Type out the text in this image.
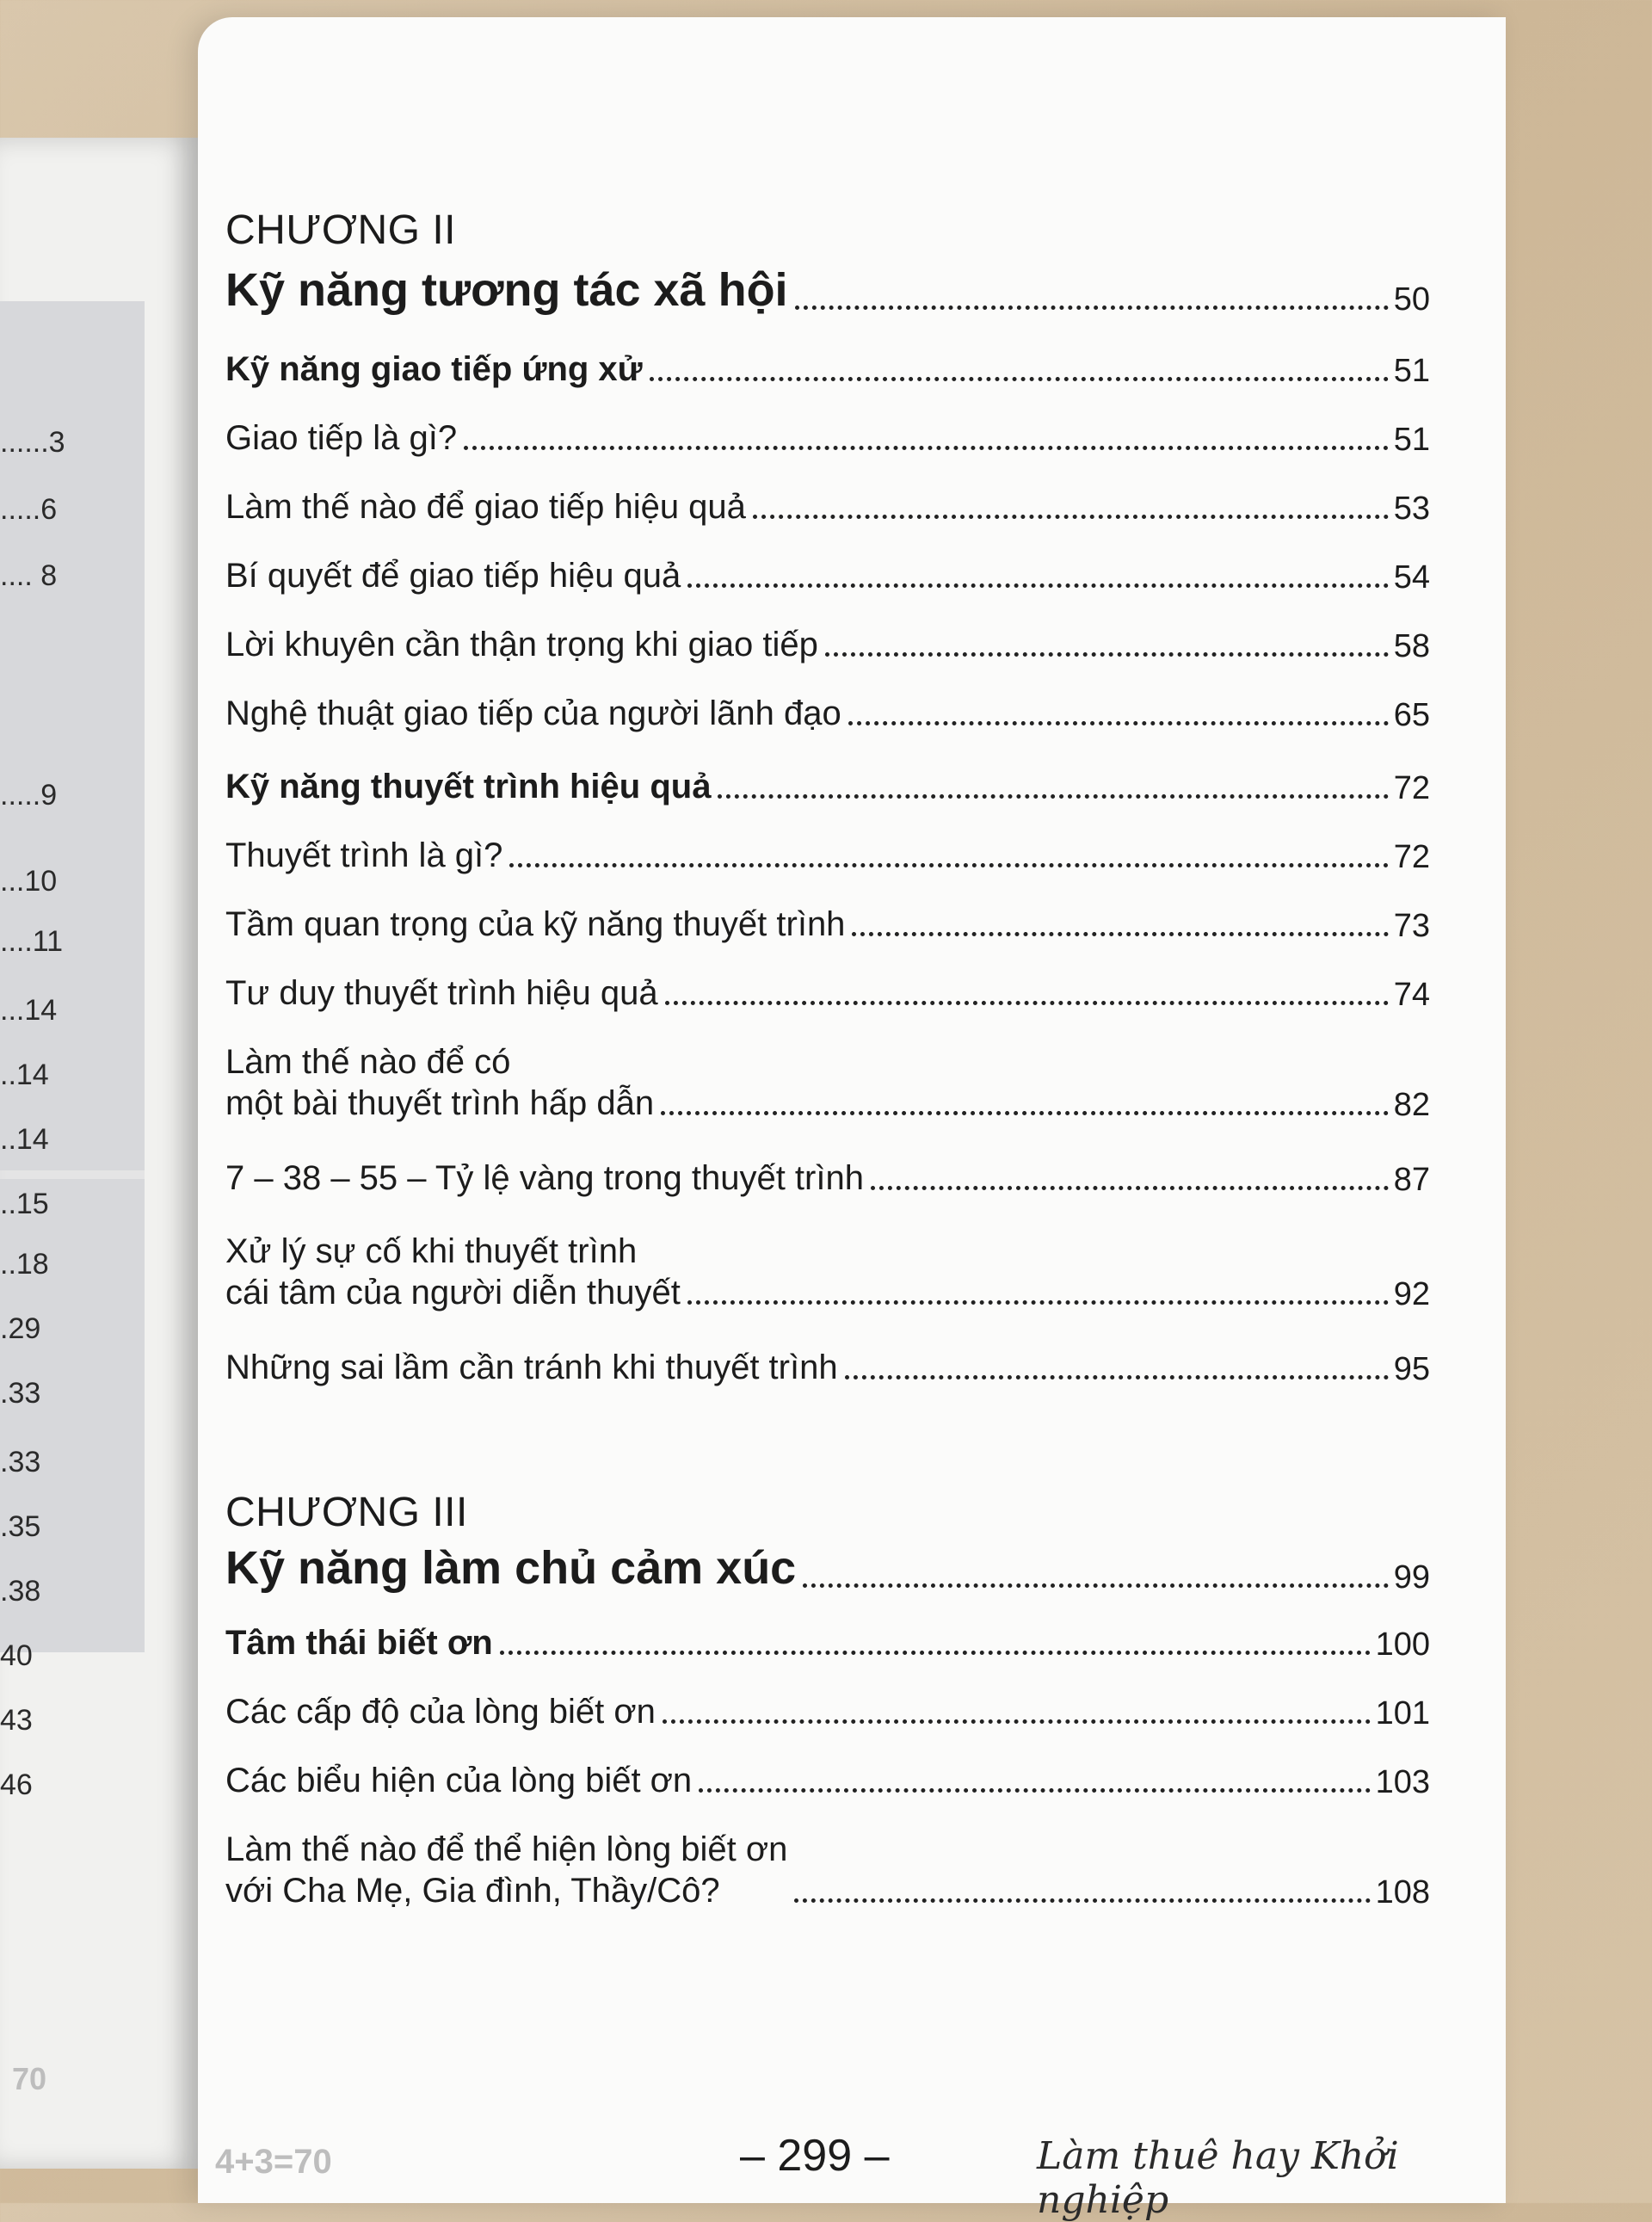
......3
.....6
.... 8
.....9
...10
....11
...14
..14
..14
..15
..18
.29
.33
.33
.35
.38
40
43
46
70
CHƯƠNG II
Kỹ năng tương tác xã hội	50
Kỹ năng giao tiếp ứng xử	51
Giao tiếp là gì?	51
Làm thế nào để giao tiếp hiệu quả	53
Bí quyết để giao tiếp hiệu quả	54
Lời khuyên cần thận trọng khi giao tiếp	58
Nghệ thuật giao tiếp của người lãnh đạo	65
Kỹ năng thuyết trình hiệu quả	72
Thuyết trình là gì?	72
Tầm quan trọng của kỹ năng thuyết trình	73
Tư duy thuyết trình hiệu quả	74
Làm thế nào để có
một bài thuyết trình hấp dẫn	82
7 – 38 – 55 – Tỷ lệ vàng trong thuyết trình	87
Xử lý sự cố khi thuyết trình
cái tâm của người diễn thuyết	92
Những sai lầm cần tránh khi thuyết trình	95
CHƯƠNG III
Kỹ năng làm chủ cảm xúc	99
Tâm thái biết ơn	100
Các cấp độ của lòng biết ơn	101
Các biểu hiện của lòng biết ơn	103
Làm thế nào để thể hiện lòng biết ơn
với Cha Mẹ, Gia đình, Thầy/Cô?	108
4+3=70	– 299 –	Làm thuê hay Khởi nghiệp
